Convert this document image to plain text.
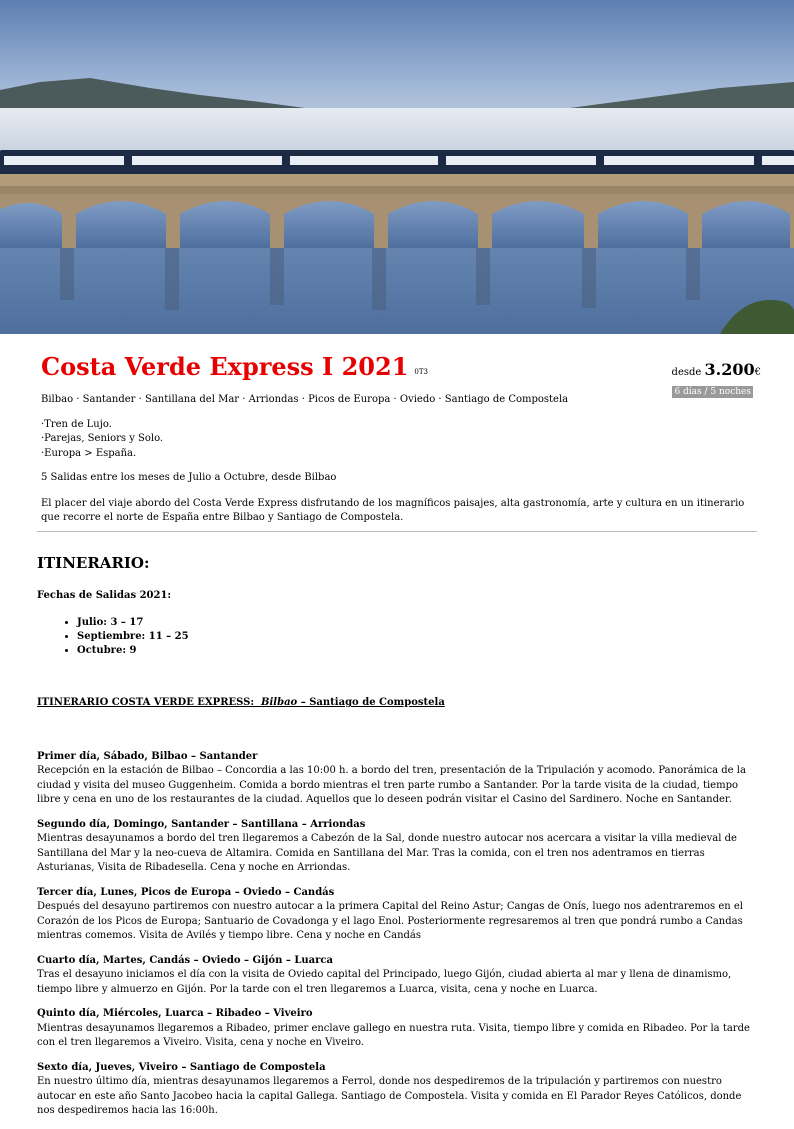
Costa Verde Express I 2021 0T3	desde 3.200€
6 días / 5 noches

Bilbao · Santander · Santillana del Mar · Arriondas · Picos de Europa · Oviedo · Santiago de Compostela

·Tren de Lujo.

·Parejas, Seniors y Solo.

·Europa > España.

5 Salidas entre los meses de Julio a Octubre, desde Bilbao

El placer del viaje abordo del Costa Verde Express disfrutando de los magníficos paisajes, alta gastronomía, arte y cultura en un itinerario que recorre el norte de España entre Bilbao y Santiago de Compostela.

ITINERARIO:

Fechas de Salidas 2021:

• Julio: 3 – 17
• Septiembre: 11 – 25
• Octubre: 9

ITINERARIO COSTA VERDE EXPRESS: Bilbao – Santiago de Compostela

Primer día, Sábado, Bilbao – Santander
Recepción en la estación de Bilbao – Concordia a las 10:00 h. a bordo del tren, presentación de la Tripulación y acomodo. Panorámica de la ciudad y visita del museo Guggenheim. Comida a bordo mientras el tren parte rumbo a Santander. Por la tarde visita de la ciudad, tiempo libre y cena en uno de los restaurantes de la ciudad. Aquellos que lo deseen podrán visitar el Casino del Sardinero. Noche en Santander.
Segundo día, Domingo, Santander – Santillana – Arriondas
Mientras desayunamos a bordo del tren llegaremos a Cabezón de la Sal, donde nuestro autocar nos acercara a visitar la villa medieval de Santillana del Mar y la neo-cueva de Altamira. Comida en Santillana del Mar. Tras la comida, con el tren nos adentramos en tierras Asturianas, Visita de Ribadesella. Cena y noche en Arriondas.
Tercer día, Lunes, Picos de Europa – Oviedo – Candás
Después del desayuno partiremos con nuestro autocar a la primera Capital del Reino Astur; Cangas de Onís, luego nos adentraremos en el Corazón de los Picos de Europa; Santuario de Covadonga y el lago Enol. Posteriormente regresaremos al tren que pondrá rumbo a Candas mientras comemos. Visita de Avilés y tiempo libre. Cena y noche en Candás
Cuarto día, Martes, Candás – Oviedo – Gijón – Luarca
Tras el desayuno iniciamos el día con la visita de Oviedo capital del Principado, luego Gijón, ciudad abierta al mar y llena de dinamismo, tiempo libre y almuerzo en Gijón. Por la tarde con el tren llegaremos a Luarca, visita, cena y noche en Luarca.
Quinto día, Miércoles, Luarca – Ribadeo – Viveiro
Mientras desayunamos llegaremos a Ribadeo, primer enclave gallego en nuestra ruta. Visita, tiempo libre y comida en Ribadeo. Por la tarde con el tren llegaremos a Viveiro. Visita, cena y noche en Viveiro.
Sexto día, Jueves, Viveiro – Santiago de Compostela
En nuestro último día, mientras desayunamos llegaremos a Ferrol, donde nos despediremos de la tripulación y partiremos con nuestro autocar en este año Santo Jacobeo hacia la capital Gallega. Santiago de Compostela. Visita y comida en El Parador Reyes Católicos, donde nos despediremos hacia las 16:00h.
